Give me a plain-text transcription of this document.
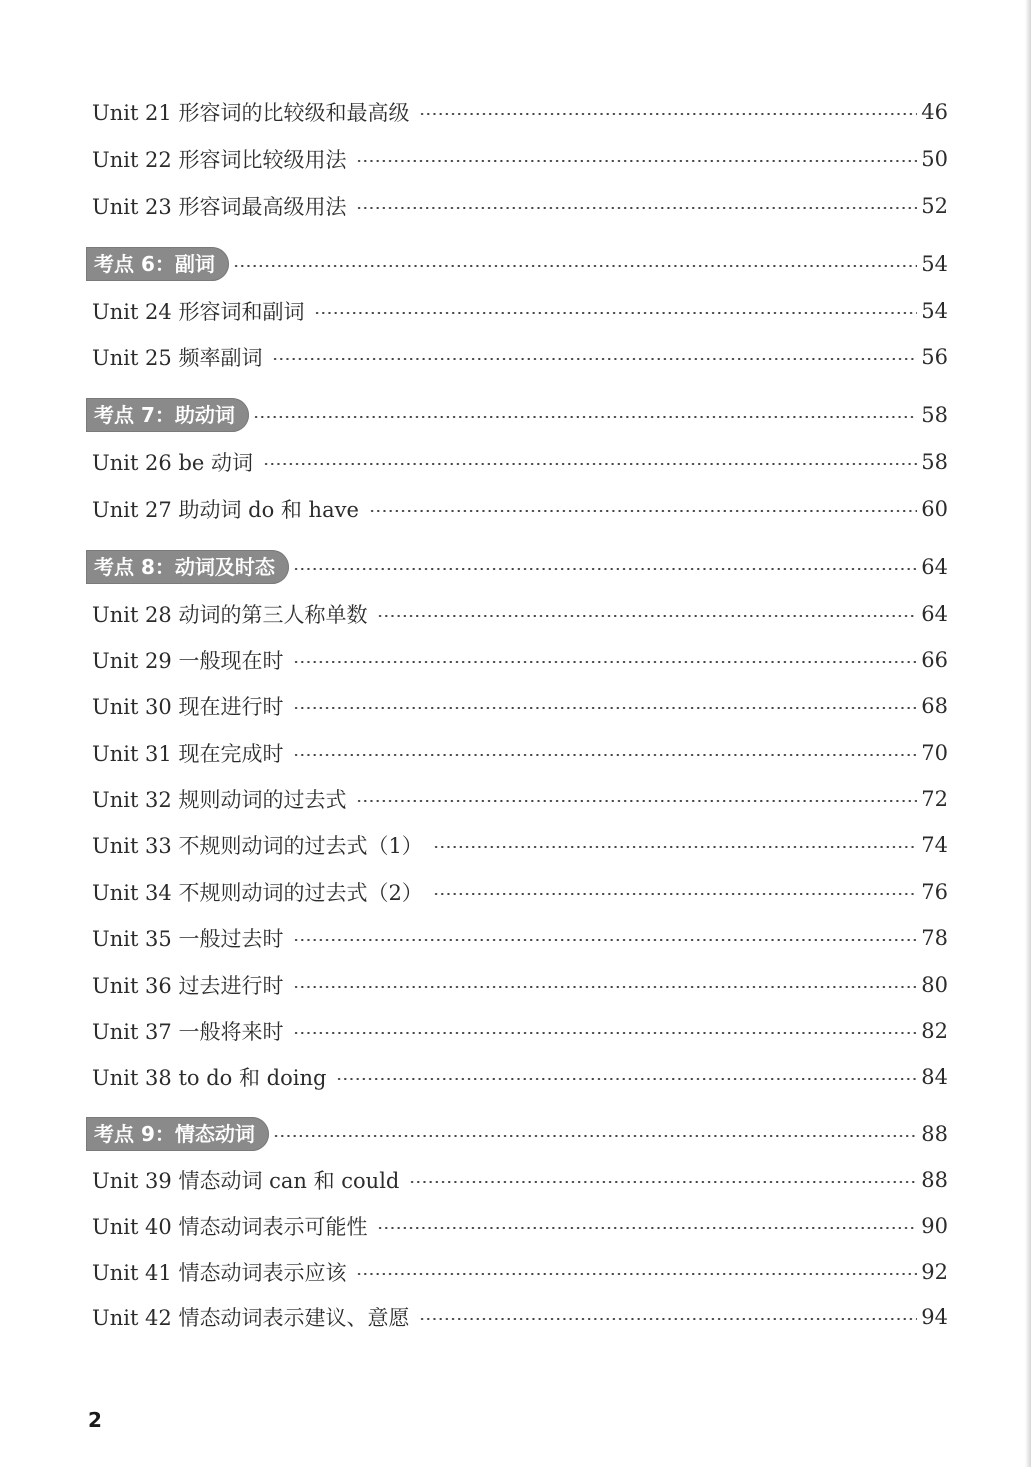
Unit 21 形容词的比较级和最高级	46
Unit 22 形容词比较级用法	50
Unit 23 形容词最高级用法	52
考点 6：副词	54
Unit 24 形容词和副词	54
Unit 25 频率副词	56
考点 7：助动词	58
Unit 26 be 动词	58
Unit 27 助动词 do 和 have	60
考点 8：动词及时态	64
Unit 28 动词的第三人称单数	64
Unit 29 一般现在时	66
Unit 30 现在进行时	68
Unit 31 现在完成时	70
Unit 32 规则动词的过去式	72
Unit 33 不规则动词的过去式（1）	74
Unit 34 不规则动词的过去式（2）	76
Unit 35 一般过去时	78
Unit 36 过去进行时	80
Unit 37 一般将来时	82
Unit 38 to do 和 doing	84
考点 9：情态动词	88
Unit 39 情态动词 can 和 could	88
Unit 40 情态动词表示可能性	90
Unit 41 情态动词表示应该	92
Unit 42 情态动词表示建议、意愿	94
2
